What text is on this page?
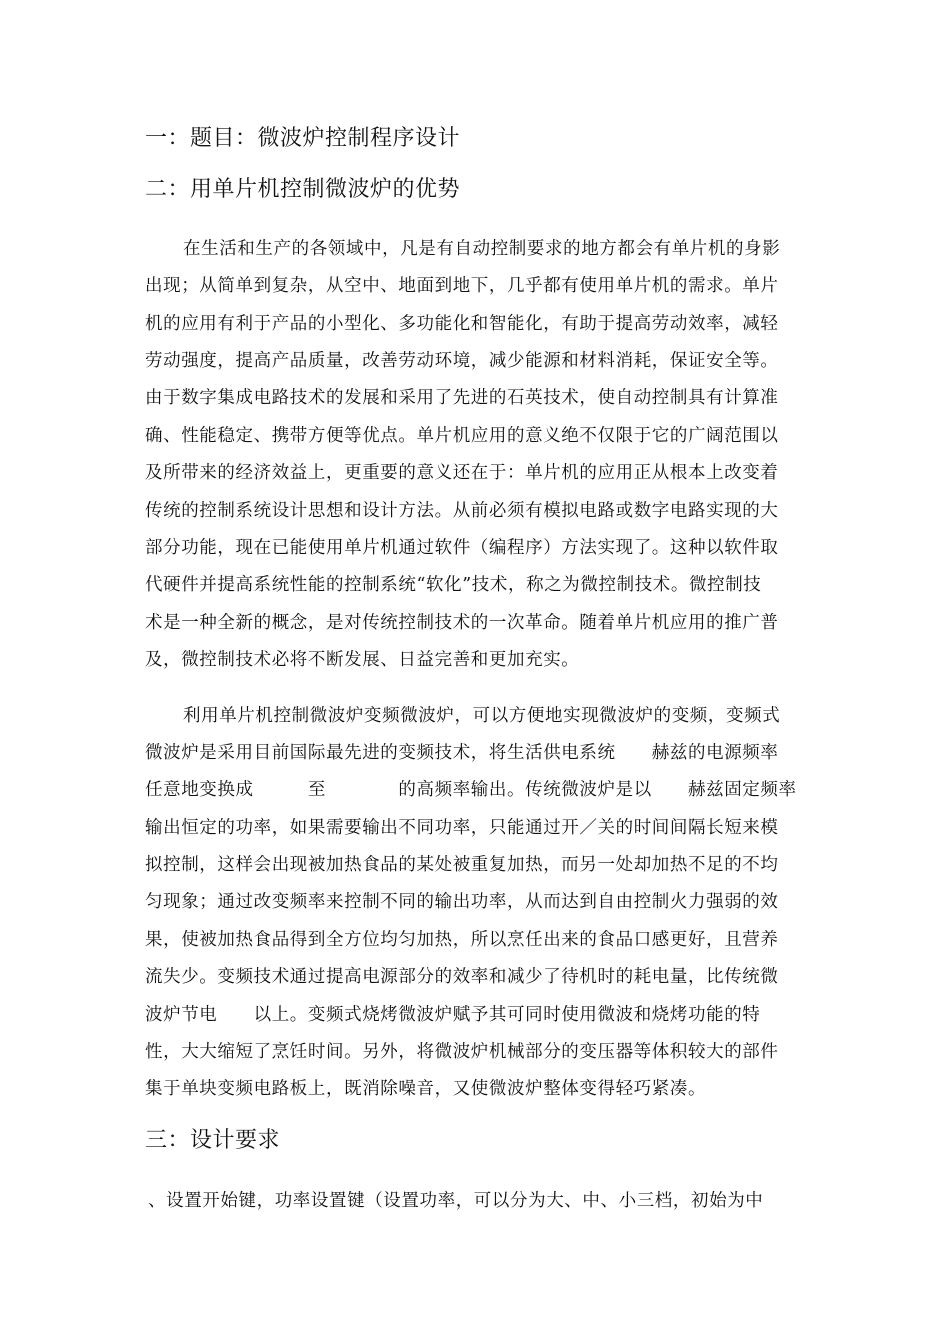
一：题目：微波炉控制程序设计
二：用单片机控制微波炉的优势
在生活和生产的各领域中，凡是有自动控制要求的地方都会有单片机的身影
出现；从简单到复杂，从空中、地面到地下，几乎都有使用单片机的需求。单片
机的应用有利于产品的小型化、多功能化和智能化，有助于提高劳动效率，减轻
劳动强度，提高产品质量，改善劳动环境，减少能源和材料消耗，保证安全等。
由于数字集成电路技术的发展和采用了先进的石英技术，使自动控制具有计算准
确、性能稳定、携带方便等优点。单片机应用的意义绝不仅限于它的广阔范围以
及所带来的经济效益上，更重要的意义还在于：单片机的应用正从根本上改变着
传统的控制系统设计思想和设计方法。从前必须有模拟电路或数字电路实现的大
部分功能，现在已能使用单片机通过软件（编程序）方法实现了。这种以软件取
代硬件并提高系统性能的控制系统“软化”技术，称之为微控制技术。微控制技
术是一种全新的概念，是对传统控制技术的一次革命。随着单片机应用的推广普
及，微控制技术必将不断发展、日益完善和更加充实。
利用单片机控制微波炉变频微波炉，可以方便地实现微波炉的变频，变频式
微波炉是采用目前国际最先进的变频技术，将生活供电系统　　赫兹的电源频率
任意地变换成　　　至　　　　的高频率输出。传统微波炉是以　　赫兹固定频率
输出恒定的功率，如果需要输出不同功率，只能通过开／关的时间间隔长短来模
拟控制，这样会出现被加热食品的某处被重复加热，而另一处却加热不足的不均
匀现象；通过改变频率来控制不同的输出功率，从而达到自由控制火力强弱的效
果，使被加热食品得到全方位均匀加热，所以烹任出来的食品口感更好，且营养
流失少。变频技术通过提高电源部分的效率和减少了待机时的耗电量，比传统微
波炉节电　　以上。变频式烧烤微波炉赋予其可同时使用微波和烧烤功能的特
性，大大缩短了烹饪时间。另外，将微波炉机械部分的变压器等体积较大的部件
集于单块变频电路板上，既消除噪音，又使微波炉整体变得轻巧紧凑。
三：设计要求
、设置开始键，功率设置键（设置功率，可以分为大、中、小三档，初始为中
